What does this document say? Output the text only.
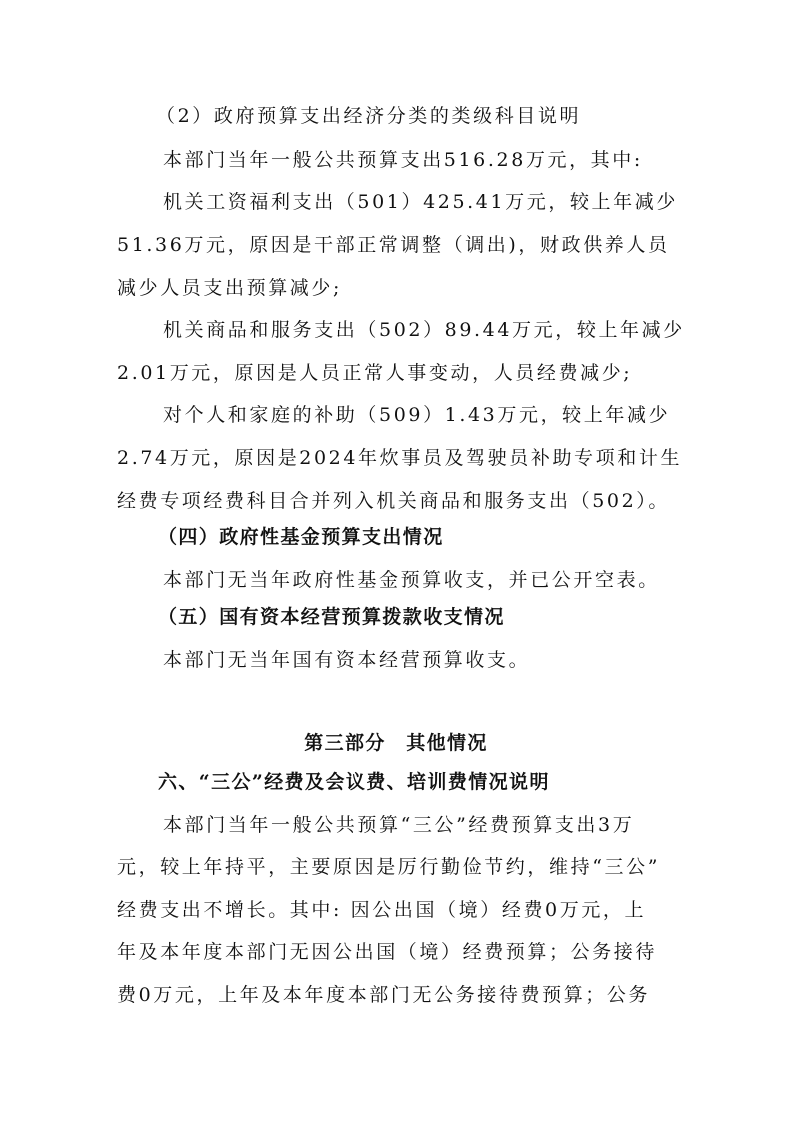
（2）政府预算支出经济分类的类级科目说明
本部门当年一般公共预算支出516.28万元，其中:
机关工资福利支出（501）425.41万元，较上年减少
51.36万元，原因是干部正常调整（调出)，财政供养人员
减少人员支出预算减少;
机关商品和服务支出（502）89.44万元，较上年减少
2.01万元，原因是人员正常人事变动，人员经费减少;
对个人和家庭的补助（509）1.43万元，较上年减少
2.74万元，原因是2024年炊事员及驾驶员补助专项和计生
经费专项经费科目合并列入机关商品和服务支出（502）。
（四）政府性基金预算支出情况
本部门无当年政府性基金预算收支，并已公开空表。
（五）国有资本经营预算拨款收支情况
本部门无当年国有资本经营预算收支。
第三部分　其他情况
六、“三公”经费及会议费、培训费情况说明
本部门当年一般公共预算“三公”经费预算支出3万
元，较上年持平，主要原因是厉行勤俭节约，维持“三公”
经费支出不增长。其中: 因公出国（境）经费0万元，上
年及本年度本部门无因公出国（境）经费预算；公务接待
费0万元，上年及本年度本部门无公务接待费预算；公务
